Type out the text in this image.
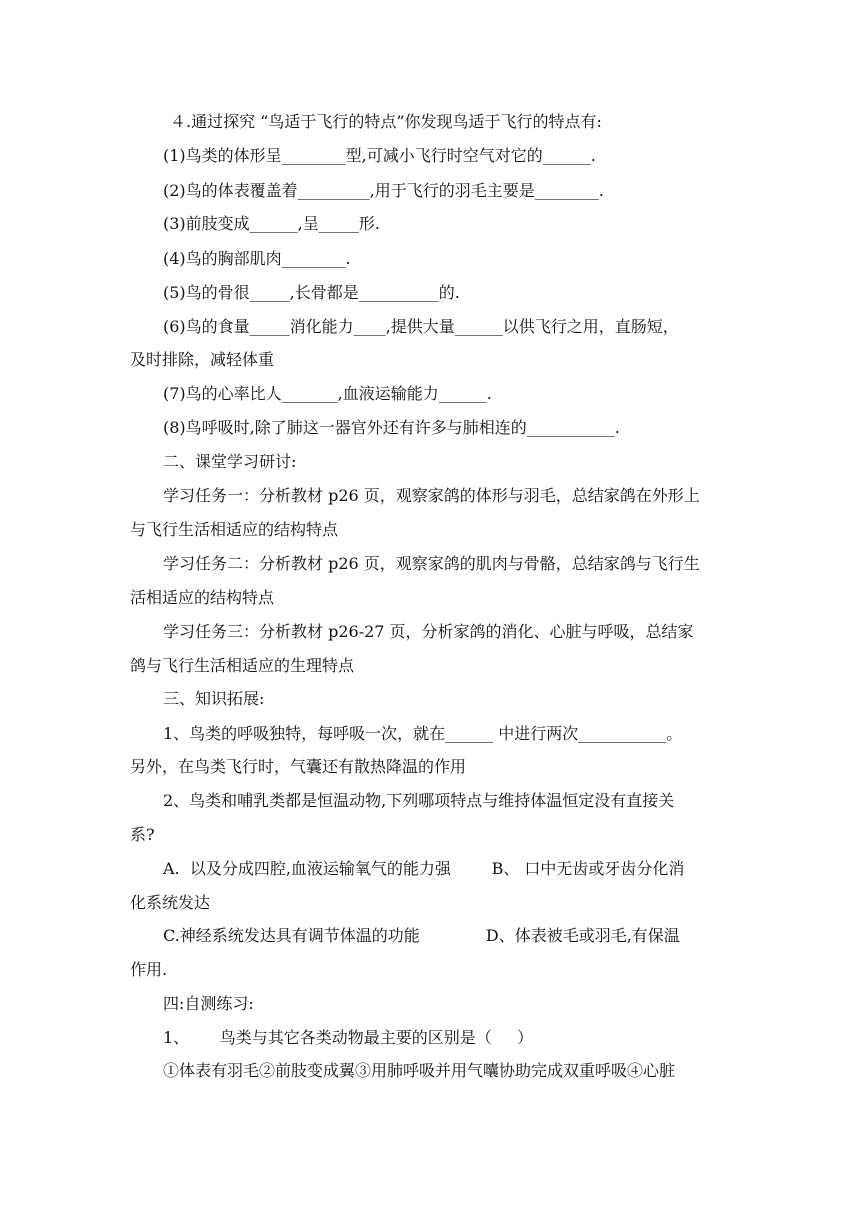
４.通过探究 “鸟适于飞行的特点”你发现鸟适于飞行的特点有:
(1)鸟类的体形呈________型,可减小飞行时空气对它的______.
(2)鸟的体表覆盖着_________,用于飞行的羽毛主要是________.
(3)前肢变成______,呈_____形.
(4)鸟的胸部肌肉________.
(5)鸟的骨很_____,长骨都是__________的.
(6)鸟的食量_____消化能力____,提供大量______以供飞行之用，直肠短，
及时排除，减轻体重
(7)鸟的心率比人_______,血液运输能力______.
(8)鸟呼吸时,除了肺这一器官外还有许多与肺相连的___________.
二、课堂学习研讨:
学习任务一：分析教材 p26 页，观察家鸽的体形与羽毛，总结家鸽在外形上
与飞行生活相适应的结构特点
学习任务二：分析教材 p26 页，观察家鸽的肌肉与骨骼，总结家鸽与飞行生
活相适应的结构特点
学习任务三：分析教材 p26-27 页，分析家鸽的消化、心脏与呼吸，总结家
鸽与飞行生活相适应的生理特点
三、知识拓展:
1、鸟类的呼吸独特，每呼吸一次，就在______ 中进行两次___________。
另外，在鸟类飞行时，气囊还有散热降温的作用
2、鸟类和哺乳类都是恒温动物,下列哪项特点与维持体温恒定没有直接关
系?
A.  以及分成四腔,血液运输氧气的能力强        B、 口中无齿或牙齿分化消
化系统发达
C.神经系统发达具有调节体温的功能             D、体表被毛或羽毛,有保温
作用.
四:自测练习:
1、      鸟类与其它各类动物最主要的区别是（     ）
①体表有羽毛②前肢变成翼③用肺呼吸并用气囔协助完成双重呼吸④心脏
